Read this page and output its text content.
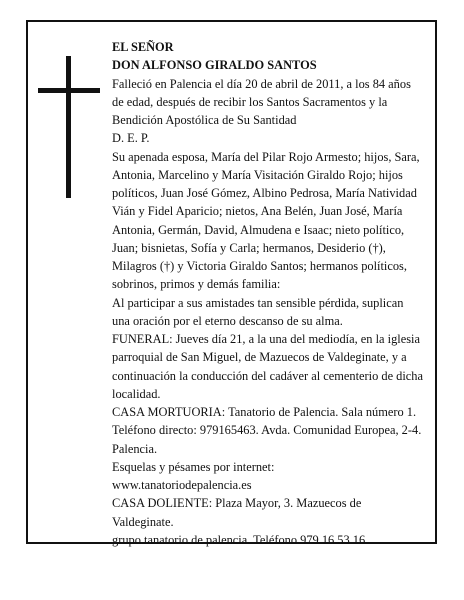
EL SEÑOR

DON ALFONSO GIRALDO SANTOS

Falleció en Palencia el día 20 de abril de 2011, a los 84 años de edad, después de recibir los Santos Sacramentos y la Bendición Apostólica de Su Santidad

D. E. P.

Su apenada esposa, María del Pilar Rojo Armesto; hijos, Sara, Antonia, Marcelino y María Visitación Giraldo Rojo; hijos políticos, Juan José Gómez, Albino Pedrosa, María Natividad Vián y Fidel Aparicio; nietos, Ana Belén, Juan José, María Antonia, Germán, David, Almudena e Isaac; nieto político, Juan; bisnietas, Sofía y Carla; hermanos, Desiderio (†), Milagros (†) y Victoria Giraldo Santos; hermanos políticos, sobrinos, primos y demás familia:

Al participar a sus amistades tan sensible pérdida, suplican una oración por el eterno descanso de su alma.

FUNERAL: Jueves día 21, a la una del mediodía, en la iglesia parroquial de San Miguel, de Mazuecos de Valdeginate, y a continuación la conducción del cadáver al cementerio de dicha localidad.

CASA MORTUORIA: Tanatorio de Palencia. Sala número 1. Teléfono directo: 979165463. Avda. Comunidad Europea, 2-4. Palencia.

Esquelas y pésames por internet:

www.tanatoriodepalencia.es

CASA DOLIENTE: Plaza Mayor, 3. Mazuecos de Valdeginate.

grupo tanatorio de palencia. Teléfono 979 16 53 16
